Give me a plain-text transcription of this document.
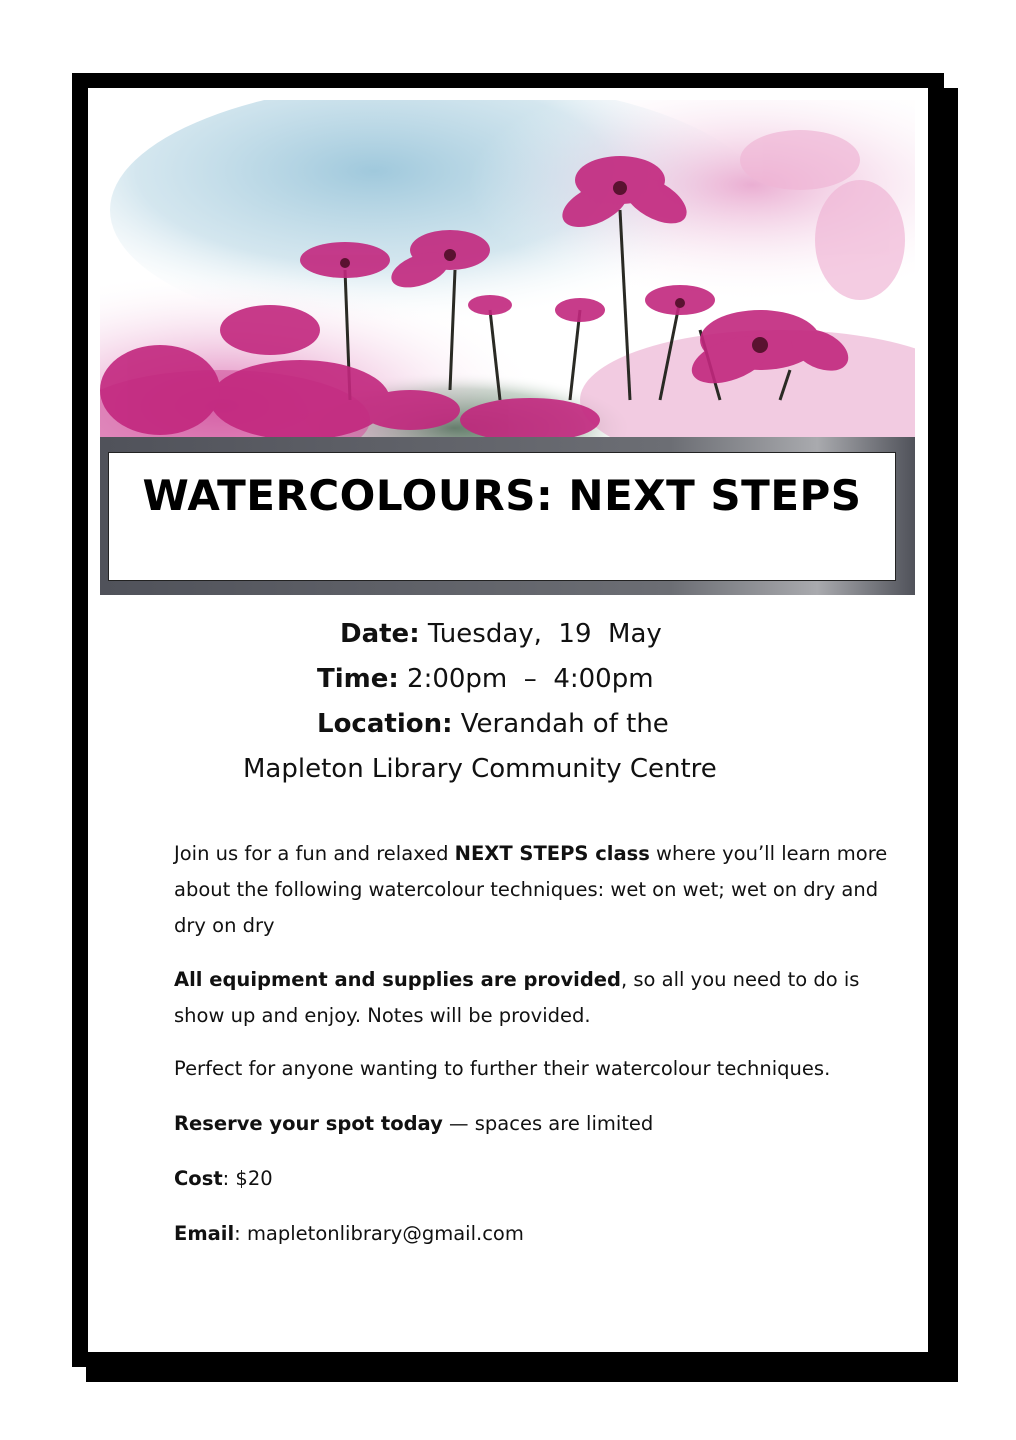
WATERCOLOURS: NEXT STEPS
Date: Tuesday,  19  May
Time: 2:00pm  –  4:00pm
Location: Verandah of the
Mapleton Library Community Centre
Join us for a fun and relaxed NEXT STEPS class where you’ll learn more about the following watercolour techniques: wet on wet; wet on dry and dry on dry
All equipment and supplies are provided, so all you need to do is show up and enjoy. Notes will be provided.
Perfect for anyone wanting to further their watercolour techniques.
Reserve your spot today — spaces are limited
Cost: $20
Email: mapletonlibrary@gmail.com
